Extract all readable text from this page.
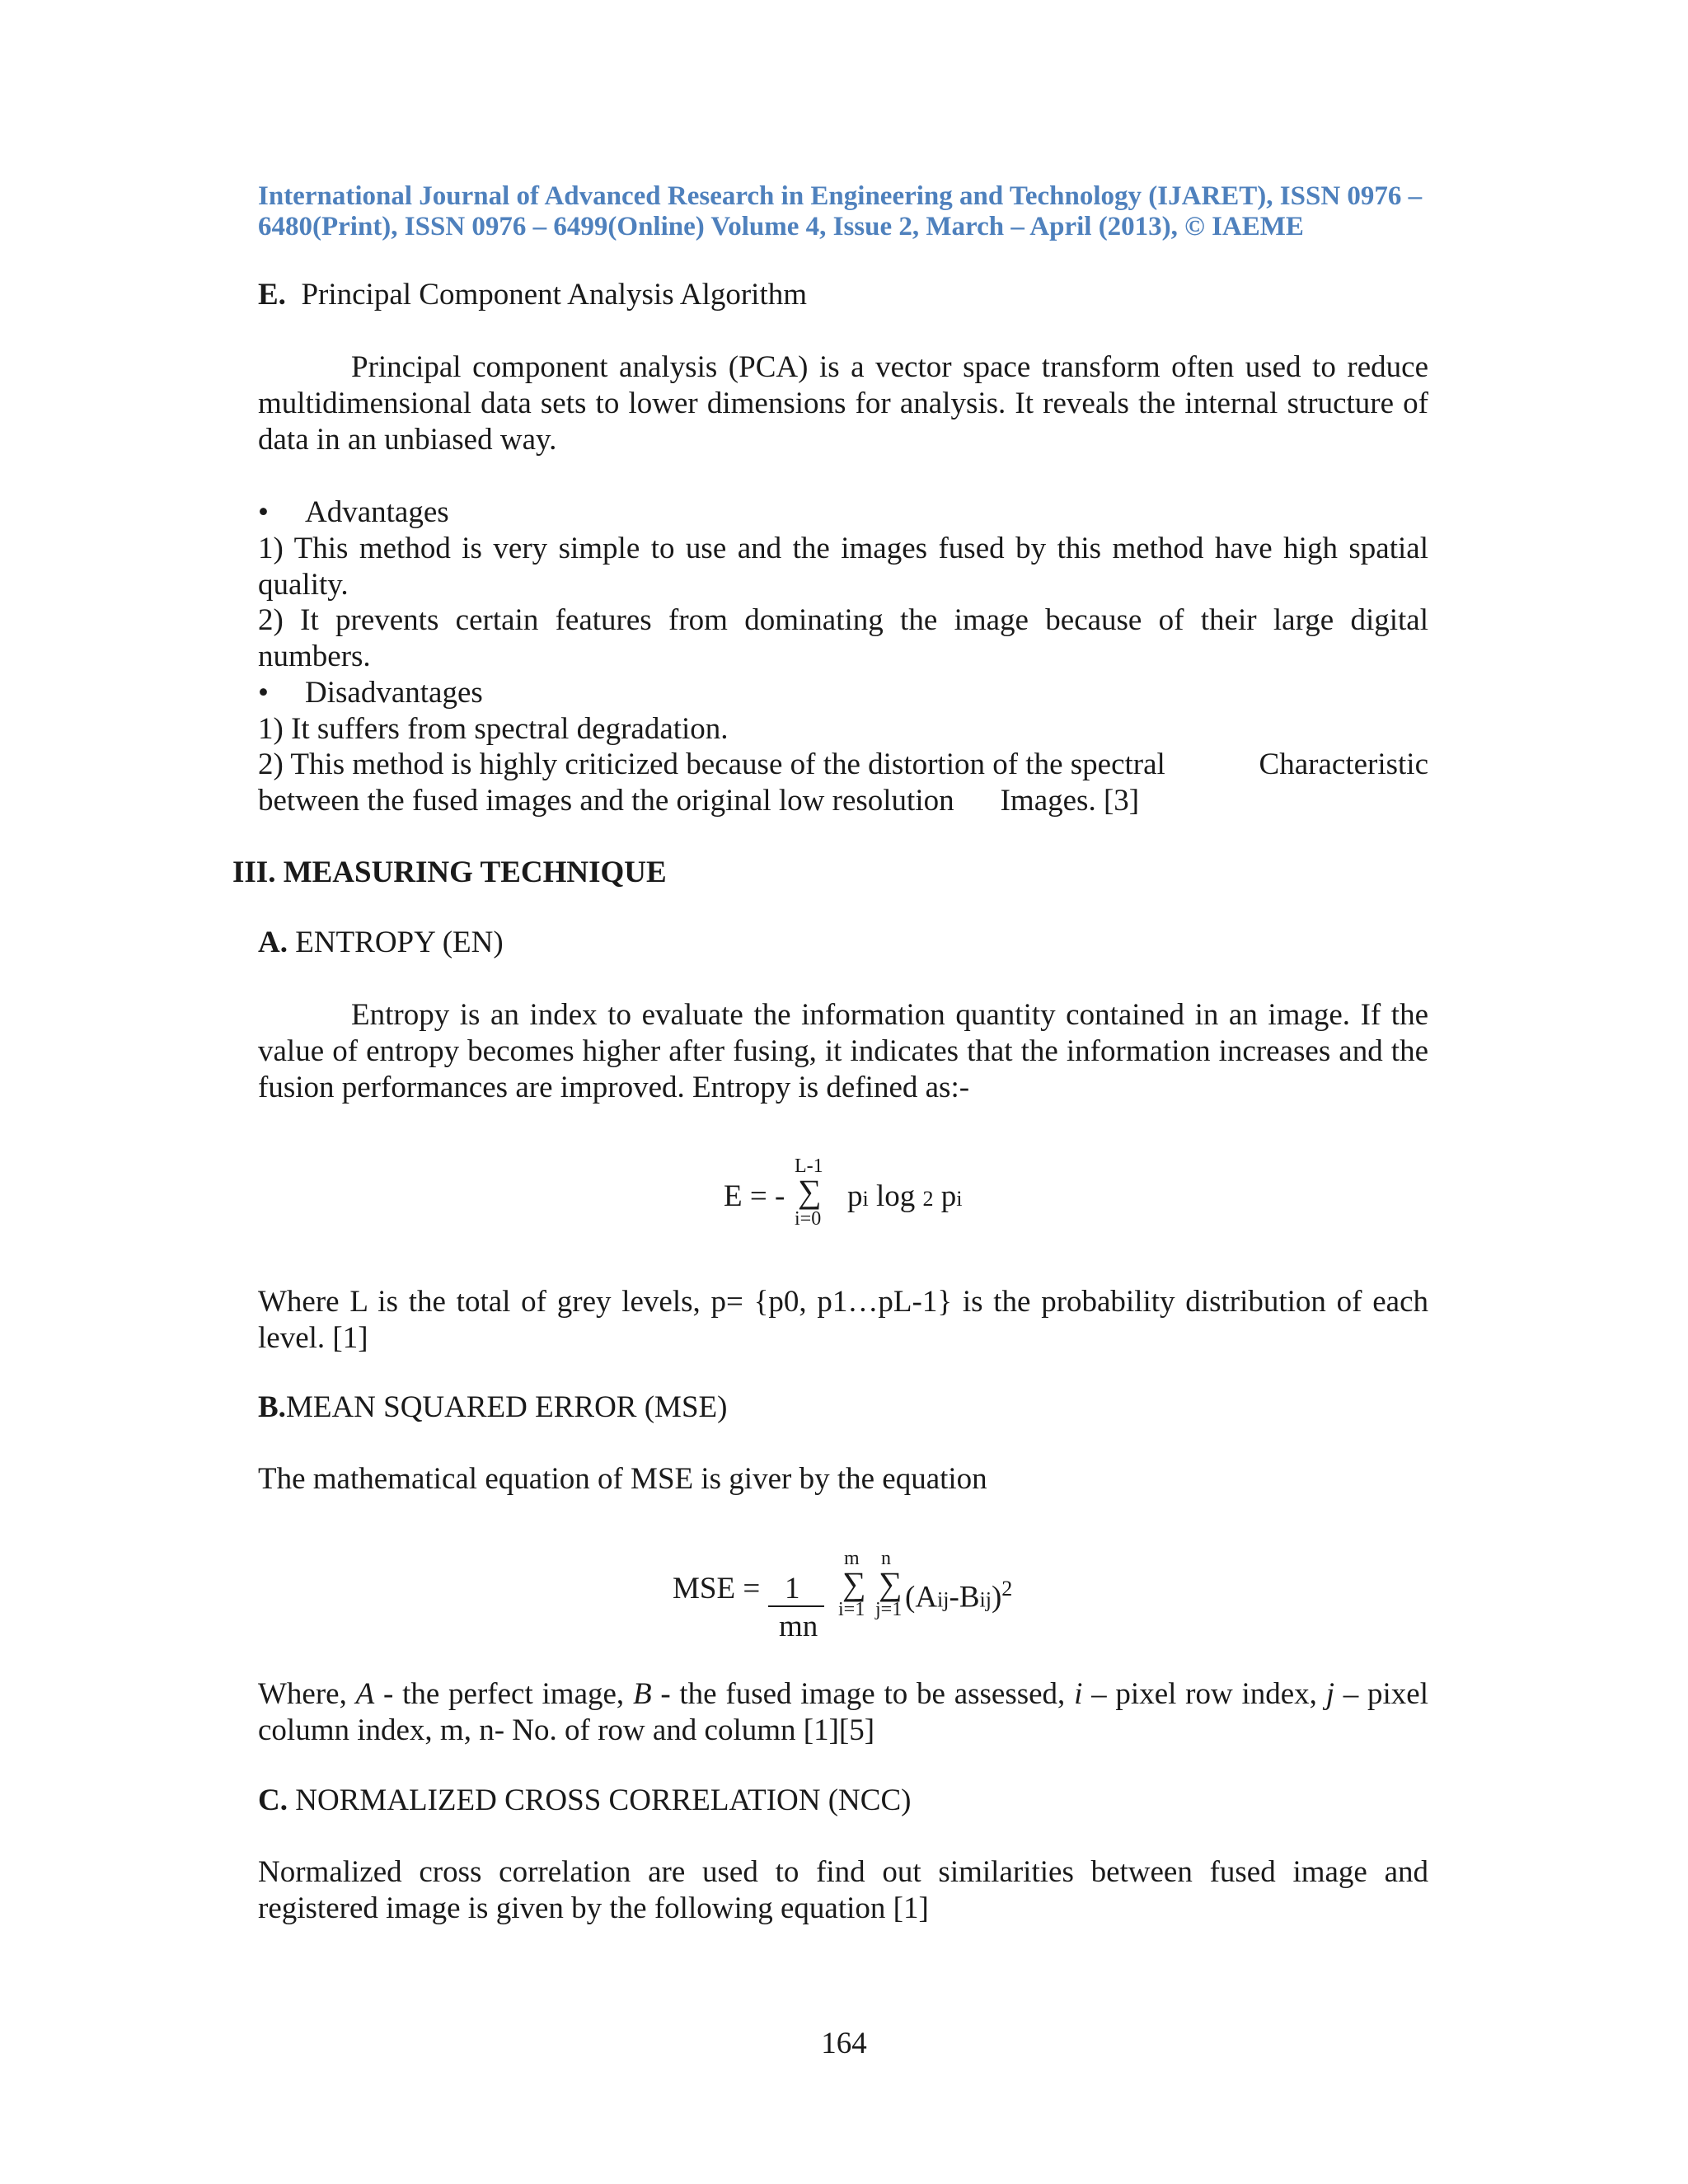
International Journal of Advanced Research in Engineering and Technology (IJARET), ISSN 0976 –
6480(Print), ISSN 0976 – 6499(Online) Volume 4, Issue 2, March – April (2013), © IAEME
E. Principal Component Analysis Algorithm
Principal component analysis (PCA) is a vector space transform often used to reduce multidimensional data sets to lower dimensions for analysis. It reveals the internal structure of data in an unbiased way.
• Advantages
1) This method is very simple to use and the images fused by this method have high spatial quality.
2) It prevents certain features from dominating the image because of their large digital numbers.
• Disadvantages
1) It suffers from spectral degradation.
2) This method is highly criticized because of the distortion of the spectral	Characteristic
between the fused images and the original low resolution Images. [3]
III. MEASURING TECHNIQUE
A. ENTROPY (EN)
Entropy is an index to evaluate the information quantity contained in an image. If the value of entropy becomes higher after fusing, it indicates that the information increases and the fusion performances are improved. Entropy is defined as:-
E = -
L-1
∑
i=0
pi log 2 pi
Where L is the total of grey levels, p= {p0, p1…pL-1} is the probability distribution of each level. [1]
B.MEAN SQUARED ERROR (MSE)
The mathematical equation of MSE is giver by the equation
MSE = 1
mn
m
∑
i=1
n
∑
j=1 $(Aij-Bij)^2$
Where, A - the perfect image, B - the fused image to be assessed, i – pixel row index, j – pixel column index, m, n- No. of row and column [1][5]
C. NORMALIZED CROSS CORRELATION (NCC)
Normalized cross correlation are used to find out similarities between fused image and registered image is given by the following equation [1]
164
